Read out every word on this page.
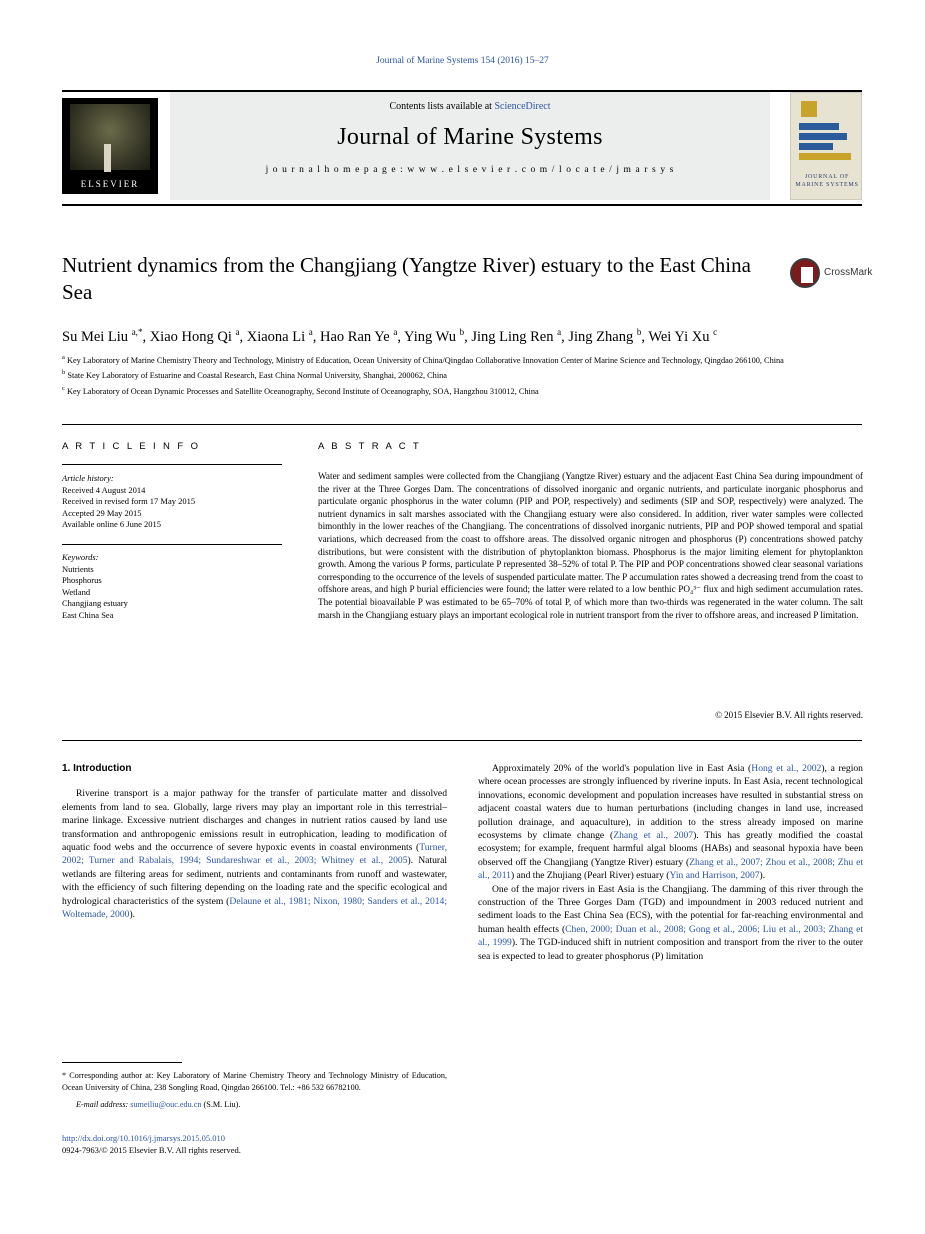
Journal of Marine Systems 154 (2016) 15–27
ELSEVIER
Contents lists available at ScienceDirect
Journal of Marine Systems
j o u r n a l h o m e p a g e : w w w . e l s e v i e r . c o m / l o c a t e / j m a r s y s
JOURNAL OF MARINE SYSTEMS
Nutrient dynamics from the Changjiang (Yangtze River) estuary to the East China Sea
CrossMark
Su Mei Liu $^{a,*}$, Xiao Hong Qi $^a$, Xiaona Li $^a$, Hao Ran Ye $^a$, Ying Wu $^b$, Jing Ling Ren $^a$, Jing Zhang $^b$, Wei Yi Xu $^c$
$^a$ Key Laboratory of Marine Chemistry Theory and Technology, Ministry of Education, Ocean University of China/Qingdao Collaborative Innovation Center of Marine Science and Technology, Qingdao 266100, China
$^b$ State Key Laboratory of Estuarine and Coastal Research, East China Normal University, Shanghai, 200062, China
$^c$ Key Laboratory of Ocean Dynamic Processes and Satellite Oceanography, Second Institute of Oceanography, SOA, Hangzhou 310012, China
A R T I C L E I N F O	A B S T R A C T
Article history:
Received 4 August 2014
Received in revised form 17 May 2015
Accepted 29 May 2015
Available online 6 June 2015
Keywords:
Nutrients
Phosphorus
Wetland
Changjiang estuary
East China Sea
Water and sediment samples were collected from the Changjiang (Yangtze River) estuary and the adjacent East China Sea during impoundment of the river at the Three Gorges Dam. The concentrations of dissolved inorganic and organic nutrients, and particulate inorganic phosphorus and particulate organic phosphorus in the water column (PIP and POP, respectively) and sediments (SIP and SOP, respectively) were analyzed. The nutrient dynamics in salt marshes associated with the Changjiang estuary were also considered. In addition, river water samples were collected bimonthly in the lower reaches of the Changjiang. The concentrations of dissolved inorganic nutrients, PIP and POP showed temporal and spatial variations, which decreased from the coast to offshore areas. The dissolved organic nitrogen and phosphorus (P) concentrations showed patchy distributions, but were consistent with the distribution of phytoplankton biomass. Phosphorus is the major limiting element for phytoplankton growth. Among the various P forms, particulate P represented 38–52% of total P. The PIP and POP concentrations showed clear seasonal variations corresponding to the occurrence of the levels of suspended particulate matter. The P accumulation rates showed a decreasing trend from the coast to offshore areas, and high P burial efficiencies were found; the latter were related to a low benthic PO₄³⁻ flux and high sediment accumulation rates. The potential bioavailable P was estimated to be 65–70% of total P, of which more than two-thirds was regenerated in the water column. The salt marsh in the Changjiang estuary plays an important ecological role in nutrient transport from the river to offshore areas, and increased P limitation.
© 2015 Elsevier B.V. All rights reserved.
1. Introduction

Riverine transport is a major pathway for the transfer of particulate matter and dissolved elements from land to sea. Globally, large rivers may play an important role in this terrestrial–marine linkage. Excessive nutrient discharges and changes in nutrient ratios caused by land use transformation and anthropogenic emissions result in eutrophication, leading to modification of aquatic food webs and the occurrence of severe hypoxic events in coastal environments (Turner, 2002; Turner and Rabalais, 1994; Sundareshwar et al., 2003; Whitney et al., 2005). Natural wetlands are filtering areas for sediment, nutrients and contaminants from runoff and wastewater, with the efficiency of such filtering depending on the loading rate and the specific ecological and hydrological characteristics of the system (Delaune et al., 1981; Nixon, 1980; Sanders et al., 2014; Woltemade, 2000).

Approximately 20% of the world's population live in East Asia (Hong et al., 2002), a region where ocean processes are strongly influenced by riverine inputs. In East Asia, recent technological innovations, economic development and population increases have resulted in substantial stress on adjacent coastal waters due to human perturbations (including changes in land use, increased pollution drainage, and aquaculture), in addition to the stress already imposed on marine ecosystems by climate change (Zhang et al., 2007). This has greatly modified the coastal ecosystem; for example, frequent harmful algal blooms (HABs) and seasonal hypoxia have been observed off the Changjiang (Yangtze River) estuary (Zhang et al., 2007; Zhou et al., 2008; Zhu et al., 2011) and the Zhujiang (Pearl River) estuary (Yin and Harrison, 2007).

One of the major rivers in East Asia is the Changjiang. The damming of this river through the construction of the Three Gorges Dam (TGD) and impoundment in 2003 reduced nutrient and sediment loads to the East China Sea (ECS), with the potential for far-reaching environmental and human health effects (Chen, 2000; Duan et al., 2008; Gong et al., 2006; Liu et al., 2003; Zhang et al., 1999). The TGD-induced shift in nutrient composition and transport from the river to the outer sea is expected to lead to greater phosphorus (P) limitation

* Corresponding author at: Key Laboratory of Marine Chemistry Theory and Technology Ministry of Education, Ocean University of China, 238 Songling Road, Qingdao 266100. Tel.: +86 532 66782100.
E-mail address: sumeiliu@ouc.edu.cn (S.M. Liu).
http://dx.doi.org/10.1016/j.jmarsys.2015.05.010
0924-7963/© 2015 Elsevier B.V. All rights reserved.
